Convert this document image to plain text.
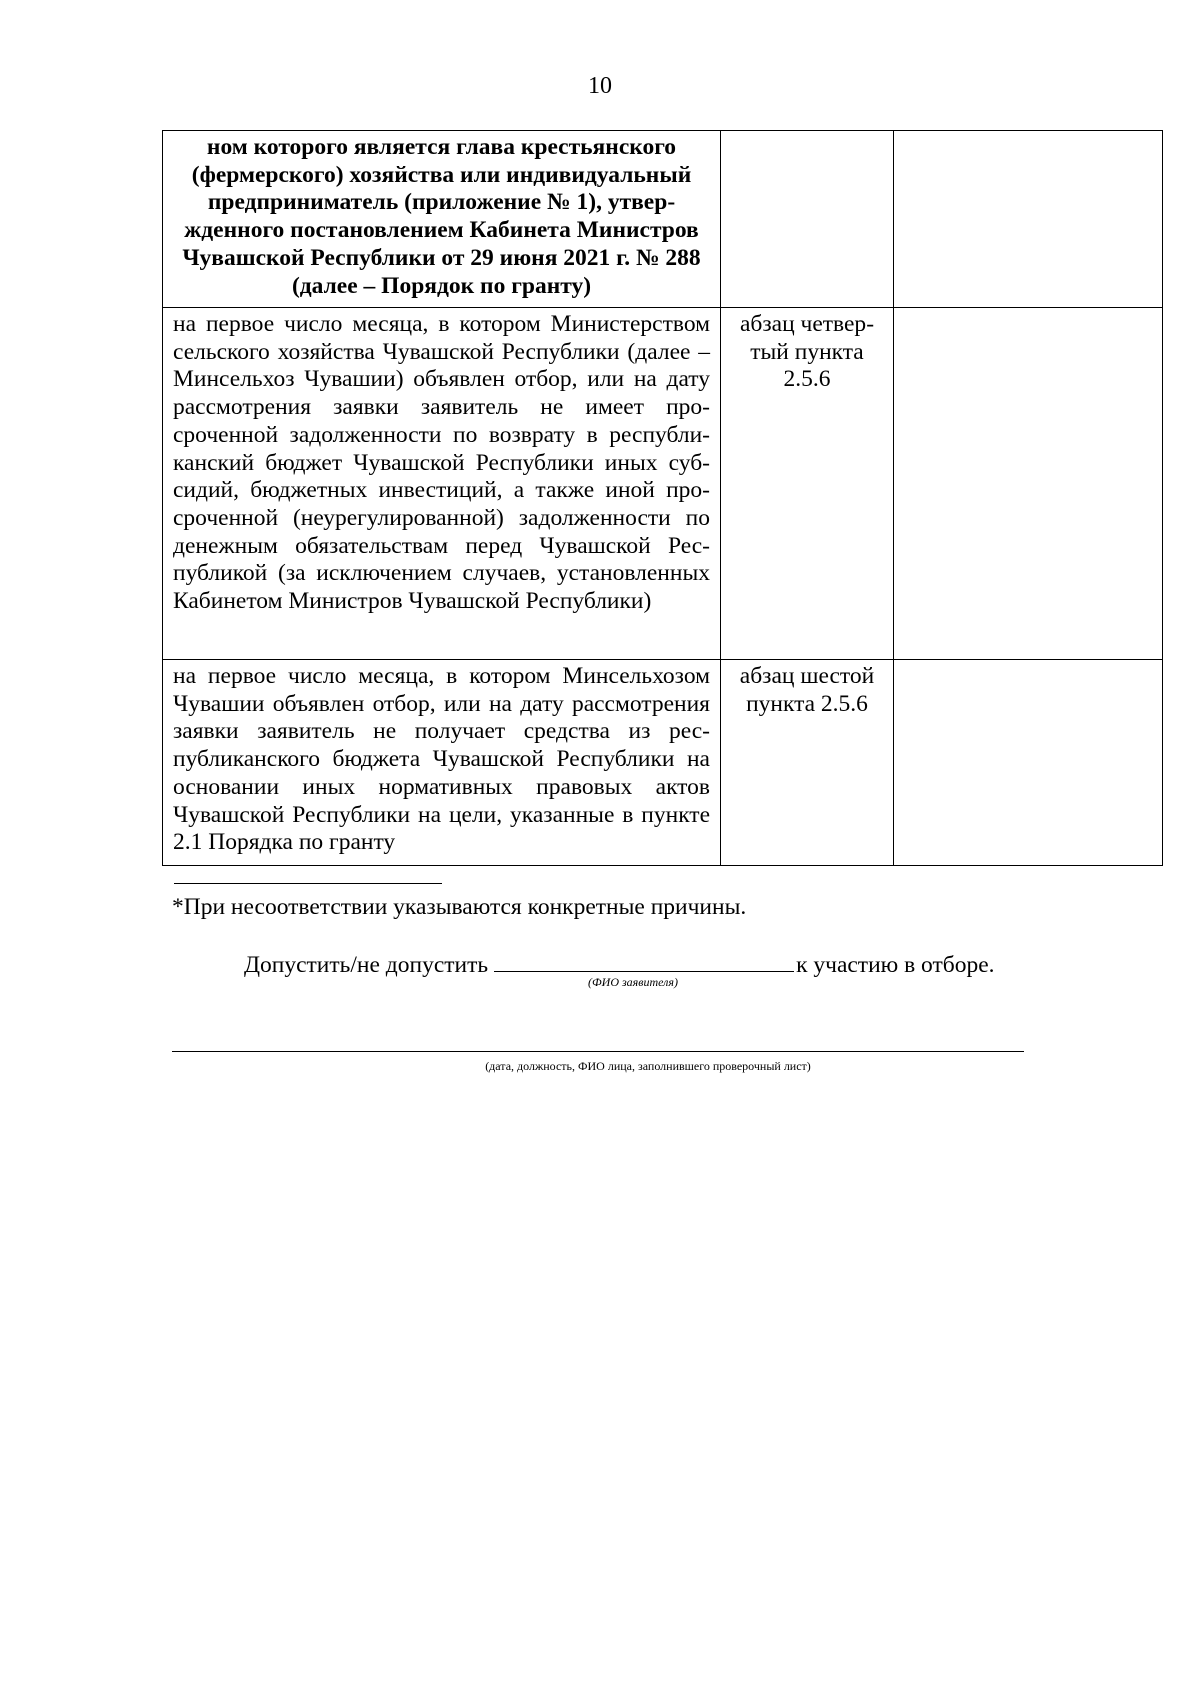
10
ном которого является глава крестьянского (фермерского) хозяйства или индивидуальный предприниматель (приложение № 1), утвержденного постановлением Кабинета Министров Чувашской Республики от 29 июня 2021 г. № 288 (далее – Порядок по гранту)		

на первое число месяца, в котором Министерством сельского хозяйства Чувашской Республики (далее – Минсельхоз Чувашии) объявлен отбор, или на дату рассмотрения заявки заявитель не имеет просроченной задолженности по возврату в республиканский бюджет Чувашской Республики иных субсидий, бюджетных инвестиций, а также иной просроченной (неурегулированной) задолженности по денежным обязательствам перед Чувашской Республикой (за исключением случаев, установленных Кабинетом Министров Чувашской Республики)	абзац четвертый пункта 2.5.6	

на первое число месяца, в котором Минсельхозом Чувашии объявлен отбор, или на дату рассмотрения заявки заявитель не получает средства из республиканского бюджета Чувашской Республики на основании иных нормативных правовых актов Чувашской Республики на цели, указанные в пункте 2.1 Порядка по гранту	абзац шестой пункта 2.5.6	

*При несоответствии указываются конкретные причины.
Допустить/не допустить	к участию в отборе.
(ФИО заявителя)
(дата, должность, ФИО лица, заполнившего проверочный лист)
